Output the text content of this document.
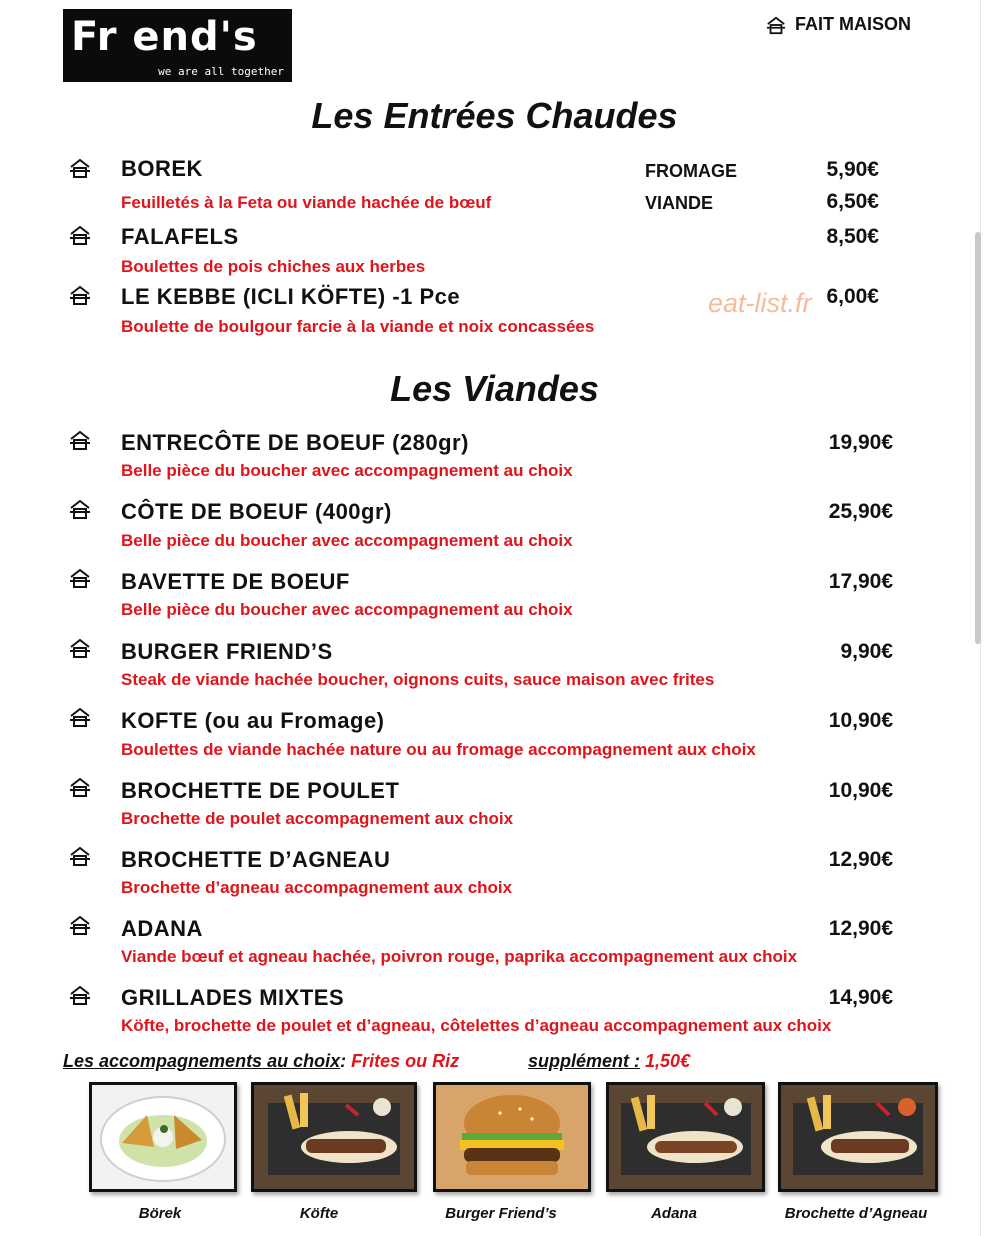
Fr end's
we are all together
FAIT MAISON
Les Entrées Chaudes
BOREK
Feuilletés à la Feta ou viande hachée de bœuf
FROMAGE	5,90€
VIANDE	6,50€
FALAFELS
Boulettes de pois chiches aux herbes
8,50€
LE KEBBE (ICLI KÖFTE) -1 Pce
Boulette de boulgour farcie à la viande et noix concassées
6,00€
eat-list.fr
Les Viandes
ENTRECÔTE DE BOEUF (280gr)
Belle pièce du boucher avec accompagnement au choix
19,90€
CÔTE DE BOEUF (400gr)
Belle pièce du boucher avec accompagnement au choix
25,90€
BAVETTE DE BOEUF
Belle pièce du boucher avec accompagnement au choix
17,90€
BURGER FRIEND’S
Steak de viande hachée boucher, oignons cuits, sauce maison avec frites
9,90€
KOFTE (ou au Fromage)
Boulettes de viande hachée nature ou au fromage accompagnement aux choix
10,90€
BROCHETTE DE POULET
Brochette de poulet accompagnement aux choix
10,90€
BROCHETTE D’AGNEAU
Brochette d’agneau accompagnement aux choix
12,90€
ADANA
Viande bœuf et agneau hachée, poivron rouge, paprika accompagnement aux choix
12,90€
GRILLADES MIXTES
Köfte, brochette de poulet et d’agneau, côtelettes d’agneau accompagnement aux choix
14,90€
Les accompagnements au choix: Frites ou Riz	supplément : 1,50€
Börek	Köfte	Burger Friend’s	Adana	Brochette d’Agneau
